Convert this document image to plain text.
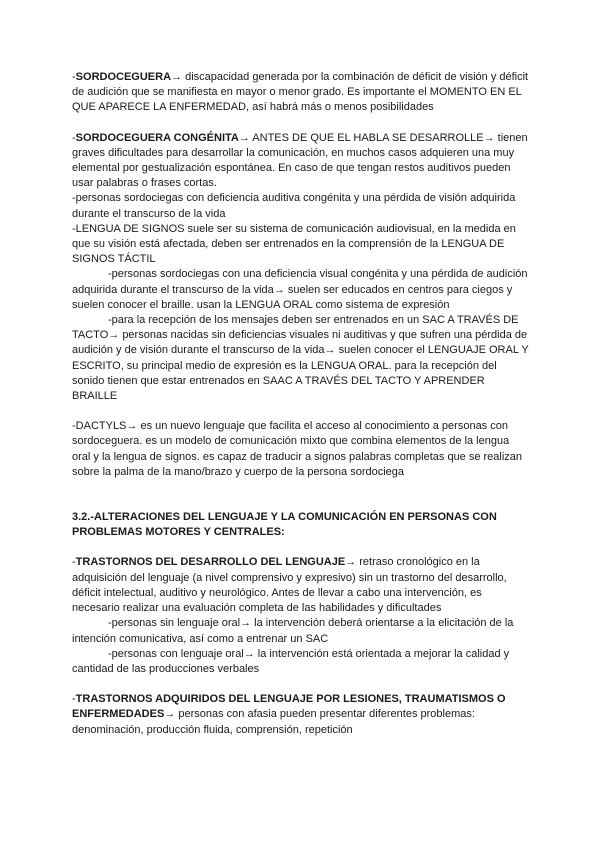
-SORDOCEGUERA→ discapacidad generada por la combinación de déficit de visión y déficit de audición que se manifiesta en mayor o menor grado. Es importante el MOMENTO EN EL QUE APARECE LA ENFERMEDAD, así habrá más o menos posibilidades

-SORDOCEGUERA CONGÉNITA→ ANTES DE QUE EL HABLA SE DESARROLLE→ tienen graves dificultades para desarrollar la comunicación, en muchos casos adquieren una muy elemental por gestualización espontánea. En caso de que tengan restos auditivos pueden usar palabras o frases cortas.

-personas sordociegas con deficiencia auditiva congénita y una pérdida de visión adquirida durante el transcurso de la vida

-LENGUA DE SIGNOS suele ser su sistema de comunicación audiovisual, en la medida en que su visión está afectada, deben ser entrenados en la comprensión de la LENGUA DE SIGNOS TÁCTIL

-personas sordociegas con una deficiencia visual congénita y una pérdida de audición adquirida durante el transcurso de la vida→ suelen ser educados en centros para ciegos y suelen conocer el braille. usan la LENGUA ORAL como sistema de expresión

-para la recepción de los mensajes deben ser entrenados en un SAC A TRAVÉS DE TACTO→ personas nacidas sin deficiencias visuales ni auditivas y que sufren una pérdida de audición y de visión durante el transcurso de la vida→ suelen conocer el LENGUAJE ORAL Y ESCRITO, su principal medio de expresión es la LENGUA ORAL. para la recepción del sonido tienen que estar entrenados en SAAC A TRAVÉS DEL TACTO Y APRENDER BRAILLE

-DACTYLS→ es un nuevo lenguaje que facilita el acceso al conocimiento a personas con sordoceguera. es un modelo de comunicación mixto que combina elementos de la lengua oral y la lengua de signos. es capaz de traducir a signos palabras completas que se realizan sobre la palma de la mano/brazo y cuerpo de la persona sordociega

3.2.-ALTERACIONES DEL LENGUAJE Y LA COMUNICACIÓN EN PERSONAS CON PROBLEMAS MOTORES Y CENTRALES:

-TRASTORNOS DEL DESARROLLO DEL LENGUAJE→ retraso cronológico en la adquisición del lenguaje (a nivel comprensivo y expresivo) sin un trastorno del desarrollo, déficit intelectual, auditivo y neurológico. Antes de llevar a cabo una intervención, es necesario realizar una evaluación completa de las habilidades y dificultades

-personas sin lenguaje oral→ la intervención deberá orientarse a la elicitación de la intención comunicativa, así como a entrenar un SAC

-personas con lenguaje oral→ la intervención está orientada a mejorar la calidad y cantidad de las producciones verbales

-TRASTORNOS ADQUIRIDOS DEL LENGUAJE POR LESIONES, TRAUMATISMOS O ENFERMEDADES→ personas con afasia pueden presentar diferentes problemas: denominación, producción fluida, comprensión, repetición
